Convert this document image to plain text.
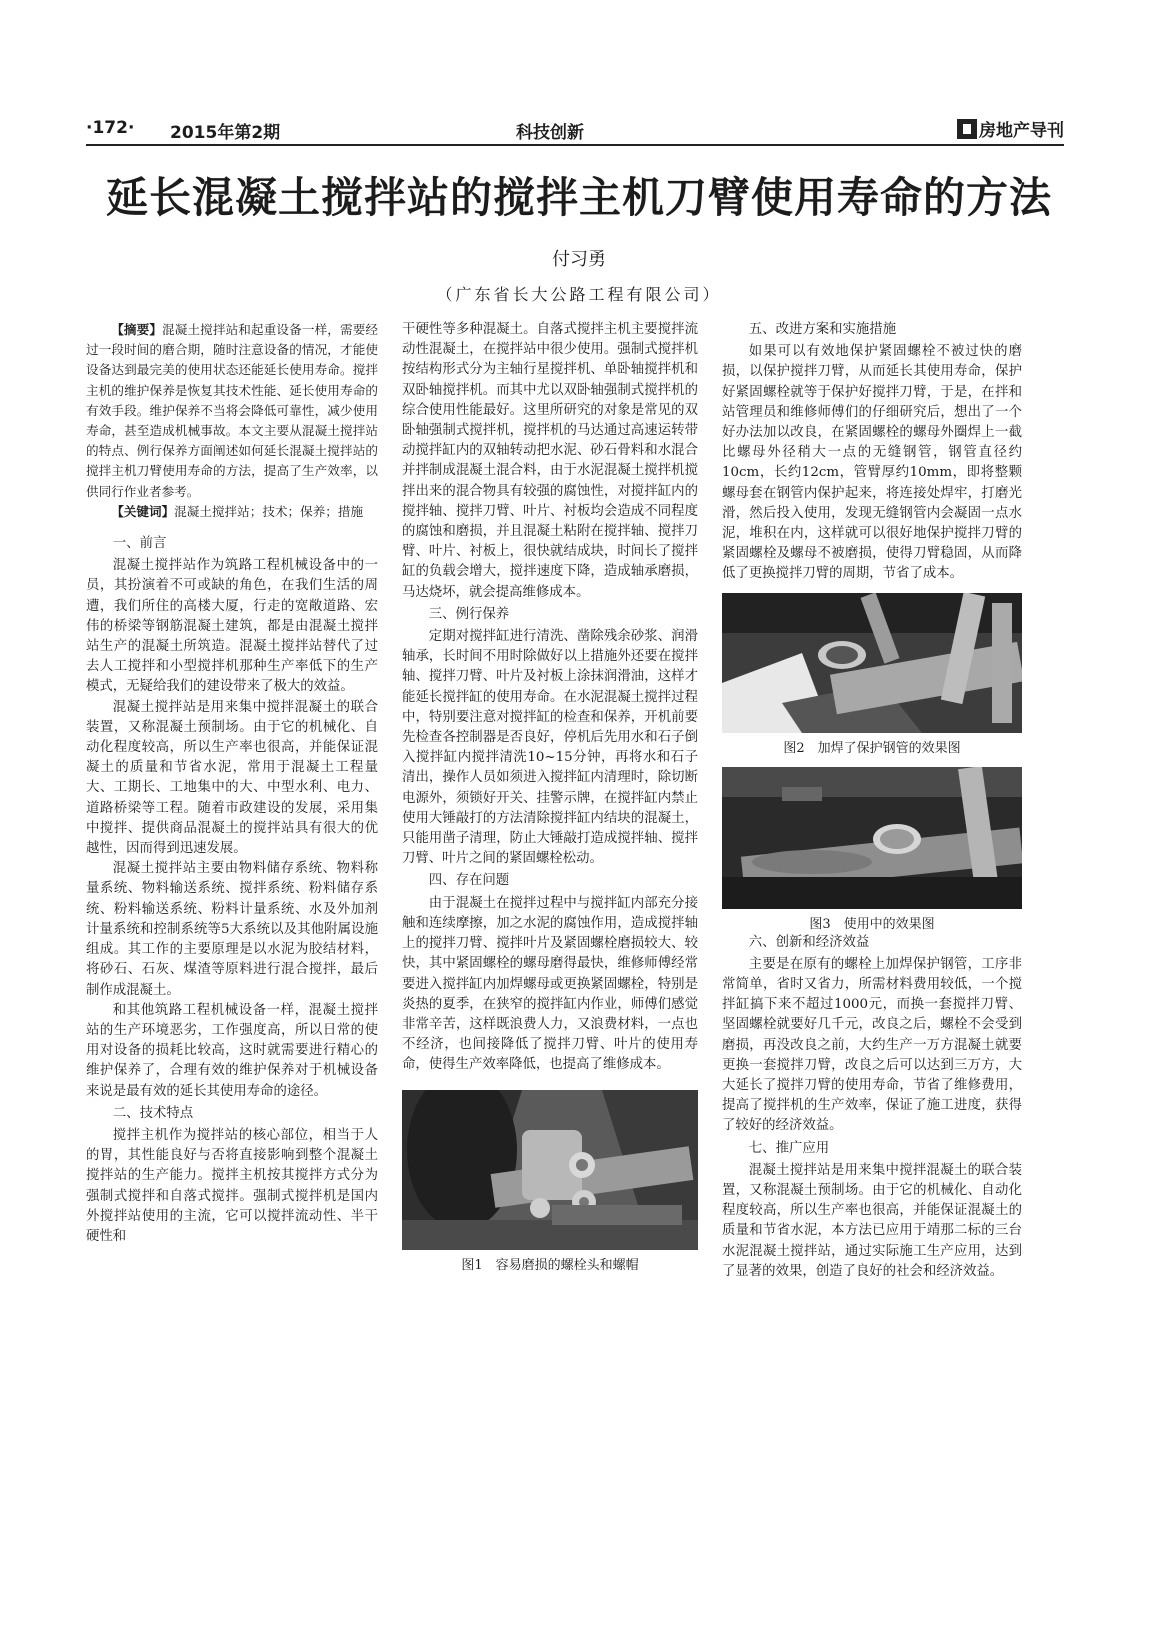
·172· 2015年第2期	科技创新	房地产导刊
延长混凝土搅拌站的搅拌主机刀臂使用寿命的方法
付习勇
（广东省长大公路工程有限公司）

【摘要】混凝土搅拌站和起重设备一样，需要经过一段时间的磨合期，随时注意设备的情况，才能使设备达到最完美的使用状态还能延长使用寿命。搅拌主机的维护保养是恢复其技术性能、延长使用寿命的有效手段。维护保养不当将会降低可靠性，减少使用寿命，甚至造成机械事故。本文主要从混凝土搅拌站的特点、例行保养方面阐述如何延长混凝土搅拌站的搅拌主机刀臂使用寿命的方法，提高了生产效率，以供同行作业者参考。

【关键词】混凝土搅拌站；技术；保养；措施

一、前言

混凝土搅拌站作为筑路工程机械设备中的一员，其扮演着不可或缺的角色，在我们生活的周遭，我们所住的高楼大厦，行走的宽敞道路、宏伟的桥梁等钢筋混凝土建筑，都是由混凝土搅拌站生产的混凝土所筑造。混凝土搅拌站替代了过去人工搅拌和小型搅拌机那种生产率低下的生产模式，无疑给我们的建设带来了极大的效益。

混凝土搅拌站是用来集中搅拌混凝土的联合装置，又称混凝土预制场。由于它的机械化、自动化程度较高，所以生产率也很高，并能保证混凝土的质量和节省水泥，常用于混凝土工程量大、工期长、工地集中的大、中型水利、电力、道路桥梁等工程。随着市政建设的发展，采用集中搅拌、提供商品混凝土的搅拌站具有很大的优越性，因而得到迅速发展。

混凝土搅拌站主要由物料储存系统、物料称量系统、物料输送系统、搅拌系统、粉料储存系统、粉料输送系统、粉料计量系统、水及外加剂计量系统和控制系统等5大系统以及其他附属设施组成。其工作的主要原理是以水泥为胶结材料，将砂石、石灰、煤渣等原料进行混合搅拌，最后制作成混凝土。

和其他筑路工程机械设备一样，混凝土搅拌站的生产环境恶劣，工作强度高，所以日常的使用对设备的损耗比较高，这时就需要进行精心的维护保养了，合理有效的维护保养对于机械设备来说是最有效的延长其使用寿命的途径。

二、技术特点

搅拌主机作为搅拌站的核心部位，相当于人的胃，其性能良好与否将直接影响到整个混凝土搅拌站的生产能力。搅拌主机按其搅拌方式分为强制式搅拌和自落式搅拌。强制式搅拌机是国内外搅拌站使用的主流，它可以搅拌流动性、半干硬性和

干硬性等多种混凝土。自落式搅拌主机主要搅拌流动性混凝土，在搅拌站中很少使用。强制式搅拌机按结构形式分为主轴行星搅拌机、单卧轴搅拌机和双卧轴搅拌机。而其中尤以双卧轴强制式搅拌机的综合使用性能最好。这里所研究的对象是常见的双卧轴强制式搅拌机，搅拌机的马达通过高速运转带动搅拌缸内的双轴转动把水泥、砂石骨料和水混合并拌制成混凝土混合料，由于水泥混凝土搅拌机搅拌出来的混合物具有较强的腐蚀性，对搅拌缸内的搅拌轴、搅拌刀臂、叶片、衬板均会造成不同程度的腐蚀和磨损，并且混凝土粘附在搅拌轴、搅拌刀臂、叶片、衬板上，很快就结成块，时间长了搅拌缸的负载会增大，搅拌速度下降，造成轴承磨损，马达烧坏，就会提高维修成本。

三、例行保养

定期对搅拌缸进行清洗、凿除残余砂浆、润滑轴承，长时间不用时除做好以上措施外还要在搅拌轴、搅拌刀臂、叶片及衬板上涂抹润滑油，这样才能延长搅拌缸的使用寿命。在水泥混凝土搅拌过程中，特别要注意对搅拌缸的检查和保养，开机前要先检查各控制器是否良好，停机后先用水和石子倒入搅拌缸内搅拌清洗10~15分钟，再将水和石子清出，操作人员如须进入搅拌缸内清理时，除切断电源外，须锁好开关、挂警示牌，在搅拌缸内禁止使用大锤敲打的方法清除搅拌缸内结块的混凝土，只能用凿子清理，防止大锤敲打造成搅拌轴、搅拌刀臂、叶片之间的紧固螺栓松动。

四、存在问题

由于混凝土在搅拌过程中与搅拌缸内部充分接触和连续摩擦，加之水泥的腐蚀作用，造成搅拌轴上的搅拌刀臂、搅拌叶片及紧固螺栓磨损较大、较快，其中紧固螺栓的螺母磨得最快，维修师傅经常要进入搅拌缸内加焊螺母或更换紧固螺栓，特别是炎热的夏季，在狭窄的搅拌缸内作业，师傅们感觉非常辛苦，这样既浪费人力，又浪费材料，一点也不经济，也间接降低了搅拌刀臂、叶片的使用寿命，使得生产效率降低，也提高了维修成本。

图1　容易磨损的螺栓头和螺帽
五、改进方案和实施措施

如果可以有效地保护紧固螺栓不被过快的磨损，以保护搅拌刀臂，从而延长其使用寿命，保护好紧固螺栓就等于保护好搅拌刀臂，于是，在拌和站管理员和维修师傅们的仔细研究后，想出了一个好办法加以改良，在紧固螺栓的螺母外圈焊上一截比螺母外径稍大一点的无缝钢管，钢管直径约10cm，长约12cm，管臂厚约10mm，即将整颗螺母套在钢管内保护起来，将连接处焊牢，打磨光滑，然后投入使用，发现无缝钢管内会凝固一点水泥，堆积在内，这样就可以很好地保护搅拌刀臂的紧固螺栓及螺母不被磨损，使得刀臂稳固，从而降低了更换搅拌刀臂的周期，节省了成本。

图2　加焊了保护钢管的效果图
图3　使用中的效果图
六、创新和经济效益

主要是在原有的螺栓上加焊保护钢管，工序非常简单，省时又省力，所需材料费用较低，一个搅拌缸搞下来不超过1000元，而换一套搅拌刀臂、坚固螺栓就要好几千元，改良之后，螺栓不会受到磨损，再没改良之前，大约生产一万方混凝土就要更换一套搅拌刀臂，改良之后可以达到三万方，大大延长了搅拌刀臂的使用寿命，节省了维修费用，提高了搅拌机的生产效率，保证了施工进度，获得了较好的经济效益。

七、推广应用

混凝土搅拌站是用来集中搅拌混凝土的联合装置，又称混凝土预制场。由于它的机械化、自动化程度较高，所以生产率也很高，并能保证混凝土的质量和节省水泥，本方法已应用于靖那二标的三台水泥混凝土搅拌站，通过实际施工生产应用，达到了显著的效果，创造了良好的社会和经济效益。
